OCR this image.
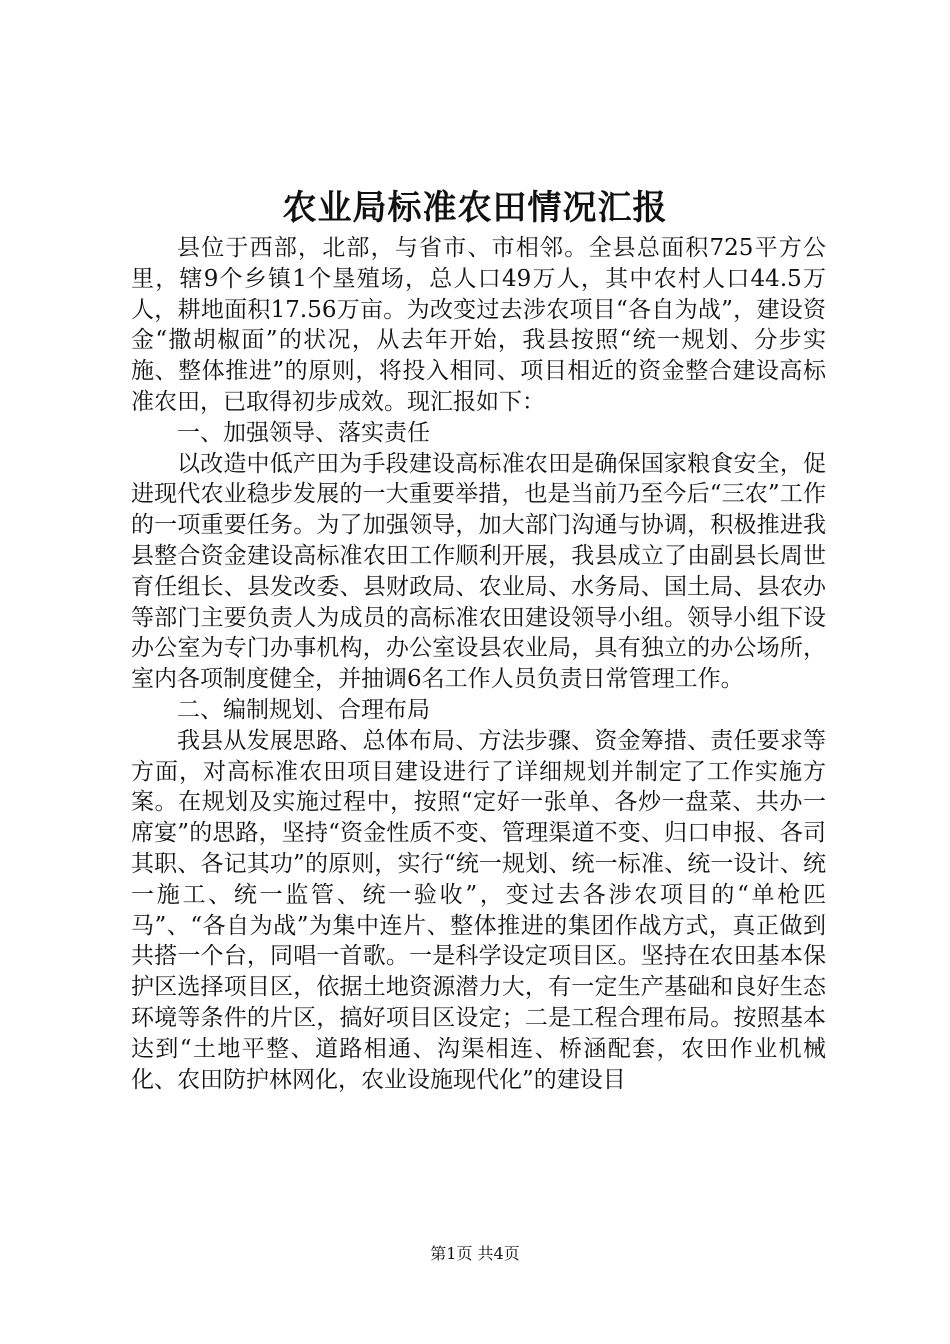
农业局标准农田情况汇报

县位于西部，北部，与省市、市相邻。全县总面积725平方公里，辖9个乡镇1个垦殖场，总人口49万人，其中农村人口44.5万人，耕地面积17.56万亩。为改变过去涉农项目“各自为战”，建设资金“撒胡椒面”的状况，从去年开始，我县按照“统一规划、分步实施、整体推进”的原则，将投入相同、项目相近的资金整合建设高标准农田，已取得初步成效。现汇报如下：

一、加强领导、落实责任

以改造中低产田为手段建设高标准农田是确保国家粮食安全，促进现代农业稳步发展的一大重要举措，也是当前乃至今后“三农”工作的一项重要任务。为了加强领导，加大部门沟通与协调，积极推进我县整合资金建设高标准农田工作顺利开展，我县成立了由副县长周世育任组长、县发改委、县财政局、农业局、水务局、国土局、县农办等部门主要负责人为成员的高标准农田建设领导小组。领导小组下设办公室为专门办事机构，办公室设县农业局，具有独立的办公场所，室内各项制度健全，并抽调6名工作人员负责日常管理工作。

二、编制规划、合理布局

我县从发展思路、总体布局、方法步骤、资金筹措、责任要求等方面，对高标准农田项目建设进行了详细规划并制定了工作实施方案。在规划及实施过程中，按照“定好一张单、各炒一盘菜、共办一席宴”的思路，坚持“资金性质不变、管理渠道不变、归口申报、各司其职、各记其功”的原则，实行“统一规划、统一标准、统一设计、统一施工、统一监管、统一验收”，变过去各涉农项目的“单枪匹马”、“各自为战”为集中连片、整体推进的集团作战方式，真正做到共搭一个台，同唱一首歌。一是科学设定项目区。坚持在农田基本保护区选择项目区，依据土地资源潜力大，有一定生产基础和良好生态环境等条件的片区，搞好项目区设定；二是工程合理布局。按照基本达到“土地平整、道路相通、沟渠相连、桥涵配套，农田作业机械化、农田防护林网化，农业设施现代化”的建设目

第1页 共4页
